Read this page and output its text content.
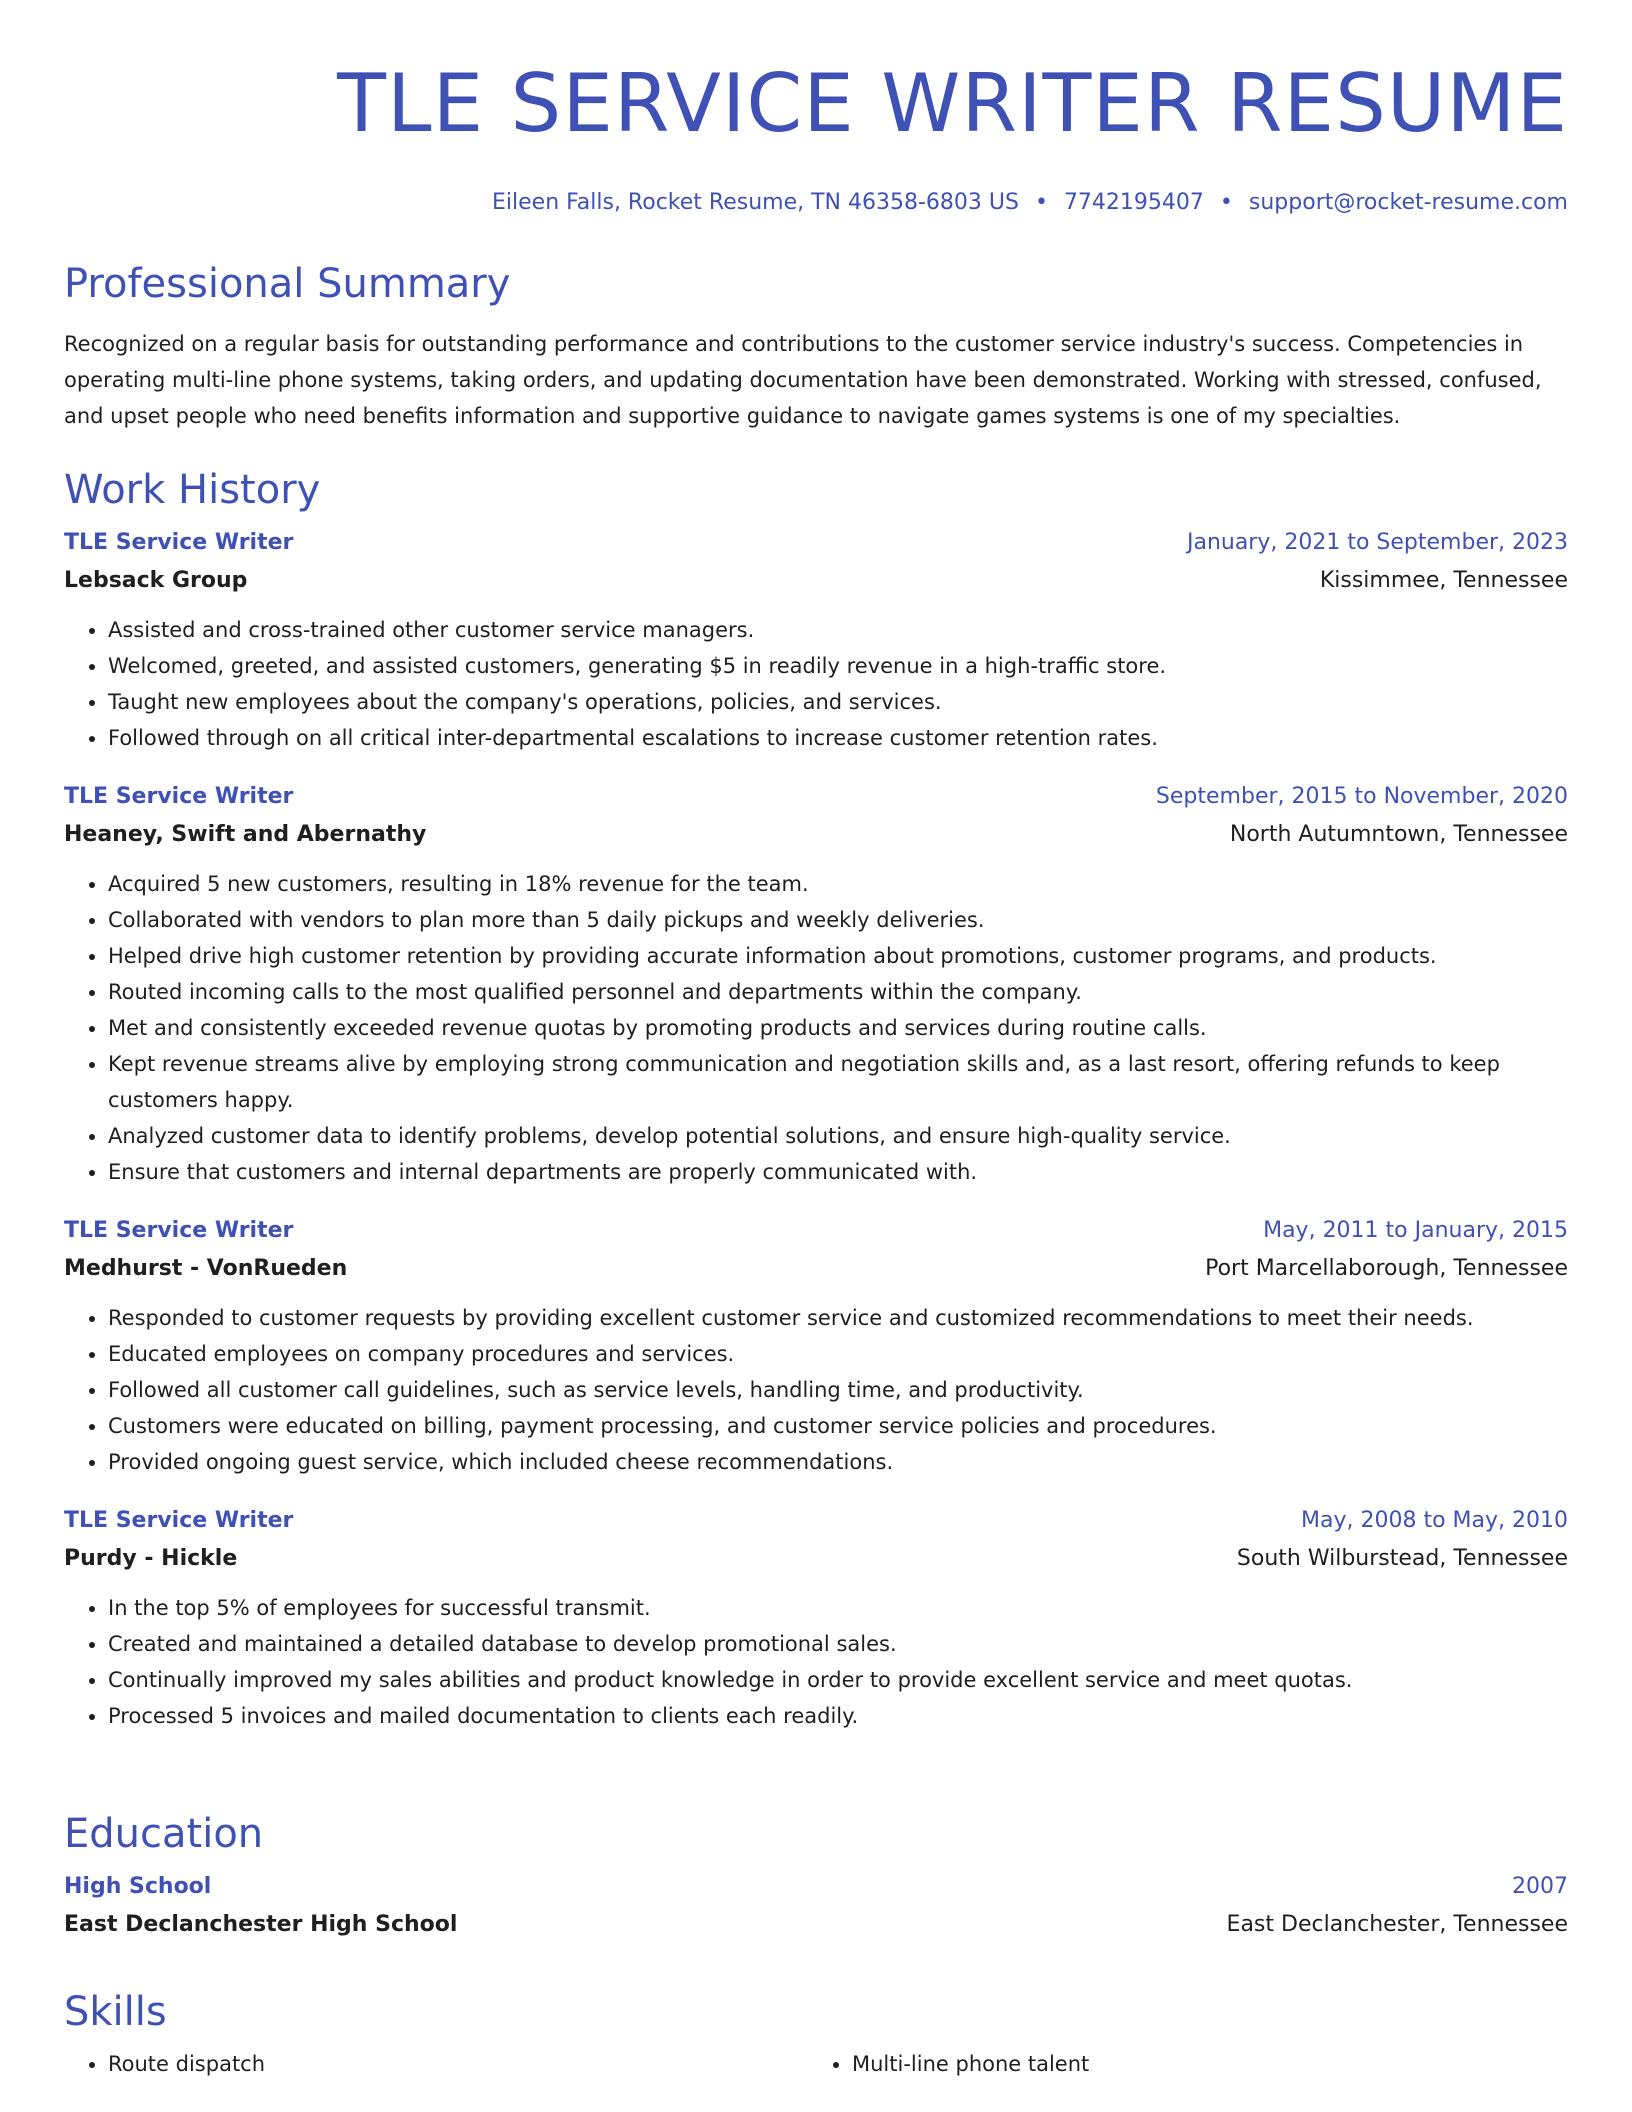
TLE SERVICE WRITER RESUME
Eileen Falls, Rocket Resume, TN 46358-6803 US • 7742195407 • support@rocket-resume.com
Professional Summary

Recognized on a regular basis for outstanding performance and contributions to the customer service industry's success. Competencies in operating multi-line phone systems, taking orders, and updating documentation have been demonstrated. Working with stressed, confused, and upset people who need benefits information and supportive guidance to navigate games systems is one of my specialties.

Work History
TLE Service Writer	January, 2021 to September, 2023
Lebsack Group	Kissimmee, Tennessee
• Assisted and cross-trained other customer service managers.
• Welcomed, greeted, and assisted customers, generating $5 in readily revenue in a high-traffic store.
• Taught new employees about the company's operations, policies, and services.
• Followed through on all critical inter-departmental escalations to increase customer retention rates.
TLE Service Writer	September, 2015 to November, 2020
Heaney, Swift and Abernathy	North Autumntown, Tennessee
• Acquired 5 new customers, resulting in 18% revenue for the team.
• Collaborated with vendors to plan more than 5 daily pickups and weekly deliveries.
• Helped drive high customer retention by providing accurate information about promotions, customer programs, and products.
• Routed incoming calls to the most qualified personnel and departments within the company.
• Met and consistently exceeded revenue quotas by promoting products and services during routine calls.
• Kept revenue streams alive by employing strong communication and negotiation skills and, as a last resort, offering refunds to keep customers happy.
• Analyzed customer data to identify problems, develop potential solutions, and ensure high-quality service.
• Ensure that customers and internal departments are properly communicated with.
TLE Service Writer	May, 2011 to January, 2015
Medhurst - VonRueden	Port Marcellaborough, Tennessee
• Responded to customer requests by providing excellent customer service and customized recommendations to meet their needs.
• Educated employees on company procedures and services.
• Followed all customer call guidelines, such as service levels, handling time, and productivity.
• Customers were educated on billing, payment processing, and customer service policies and procedures.
• Provided ongoing guest service, which included cheese recommendations.
TLE Service Writer	May, 2008 to May, 2010
Purdy - Hickle	South Wilburstead, Tennessee
• In the top 5% of employees for successful transmit.
• Created and maintained a detailed database to develop promotional sales.
• Continually improved my sales abilities and product knowledge in order to provide excellent service and meet quotas.
• Processed 5 invoices and mailed documentation to clients each readily.
Education
High School	2007
East Declanchester High School	East Declanchester, Tennessee
Skills
• Route dispatch
•	Multi-line phone talent
